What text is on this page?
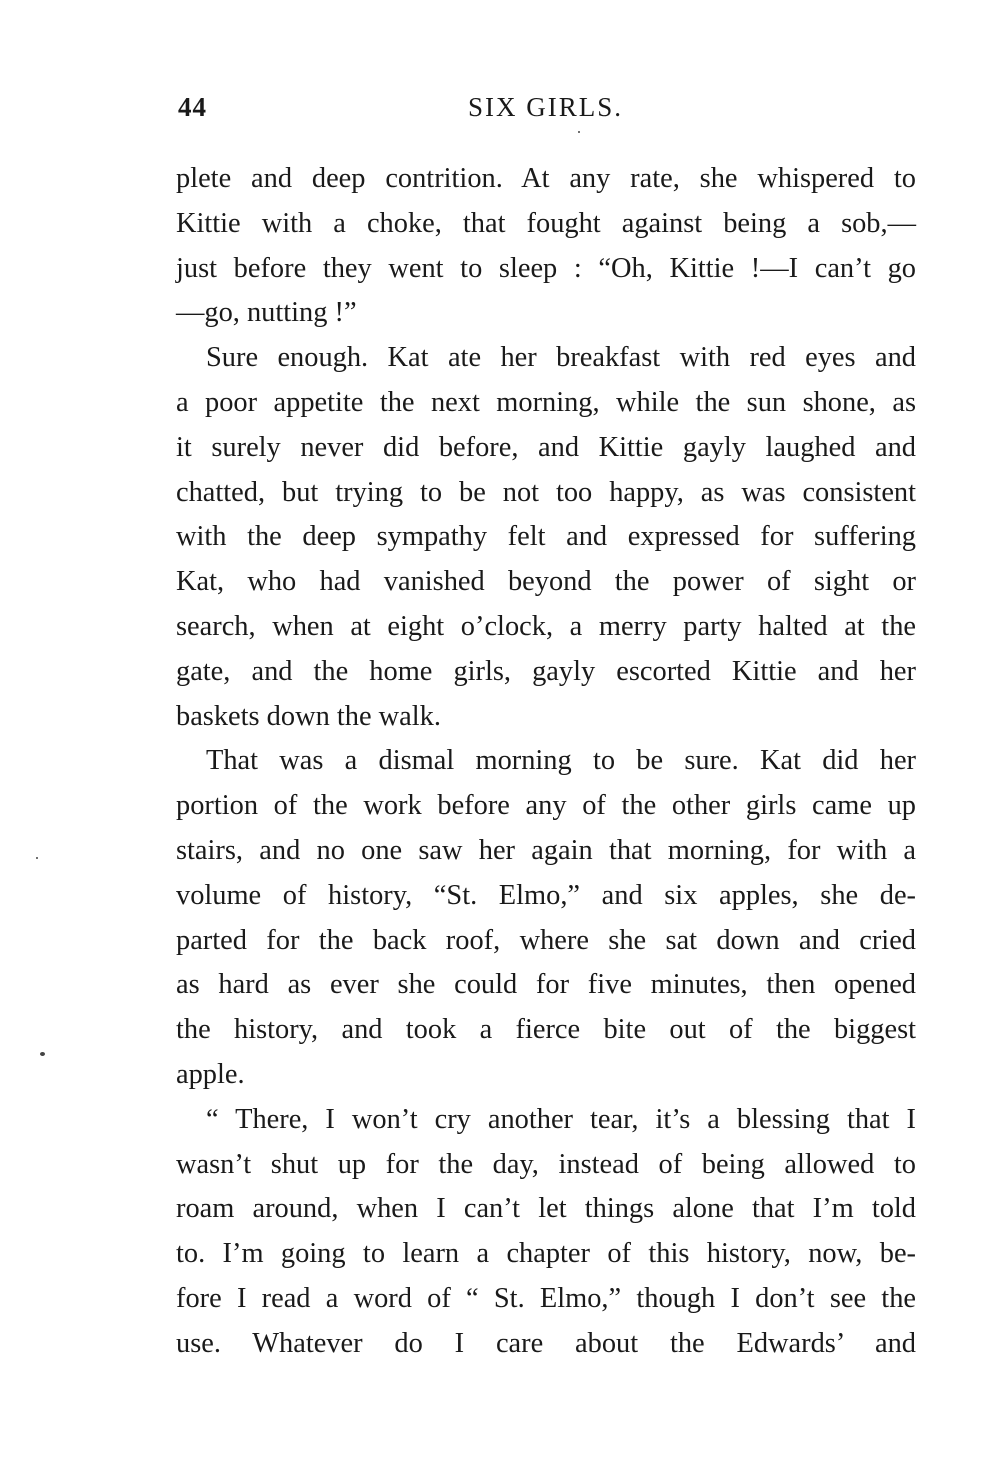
44	SIX GIRLS.
plete and deep contrition. At any rate, she whispered to
Kittie with a choke, that fought against being a sob,—
just before they went to sleep : “Oh, Kittie !—I can’t go
—go, nutting !”
Sure enough. Kat ate her breakfast with red eyes and
a poor appetite the next morning, while the sun shone, as
it surely never did before, and Kittie gayly laughed and
chatted, but trying to be not too happy, as was consistent
with the deep sympathy felt and expressed for suffering
Kat, who had vanished beyond the power of sight or
search, when at eight o’clock, a merry party halted at the
gate, and the home girls, gayly escorted Kittie and her
baskets down the walk.
That was a dismal morning to be sure. Kat did her
portion of the work before any of the other girls came up
stairs, and no one saw her again that morning, for with a
volume of history, “St. Elmo,” and six apples, she de-
parted for the back roof, where she sat down and cried
as hard as ever she could for five minutes, then opened
the history, and took a fierce bite out of the biggest
apple.
“ There, I won’t cry another tear, it’s a blessing that I
wasn’t shut up for the day, instead of being allowed to
roam around, when I can’t let things alone that I’m told
to. I’m going to learn a chapter of this history, now, be-
fore I read a word of “ St. Elmo,” though I don’t see the
use. Whatever do I care about the Edwards’ and
